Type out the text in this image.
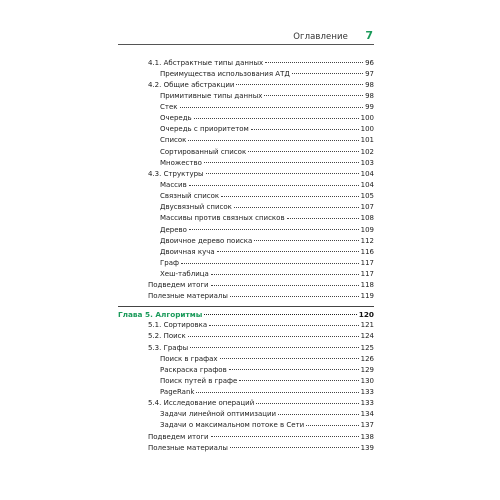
Оглавление 7
4.1. Абстрактные типы данных	96
Преимущества использования АТД	97
4.2. Общие абстракции	98
Примитивные типы данных	98
Стек	99
Очередь	100
Очередь с приоритетом	100
Список	101
Сортированный список	102
Множество	103
4.3. Структуры	104
Массив	104
Связный список	105
Двусвязный список	107
Массивы против связных списков	108
Дерево	109
Двоичное дерево поиска	112
Двоичная куча	116
Граф	117
Хеш-таблица	117
Подведем итоги	118
Полезные материалы	119
Глава 5. Алгоритмы	120
5.1. Сортировка	121
5.2. Поиск	124
5.3. Графы	125
Поиск в графах	126
Раскраска графов	129
Поиск путей в графе	130
PageRank	133
5.4. Исследование операций	133
Задачи линейной оптимизации	134
Задачи о максимальном потоке в Сети	137
Подведем итоги	138
Полезные материалы	139
